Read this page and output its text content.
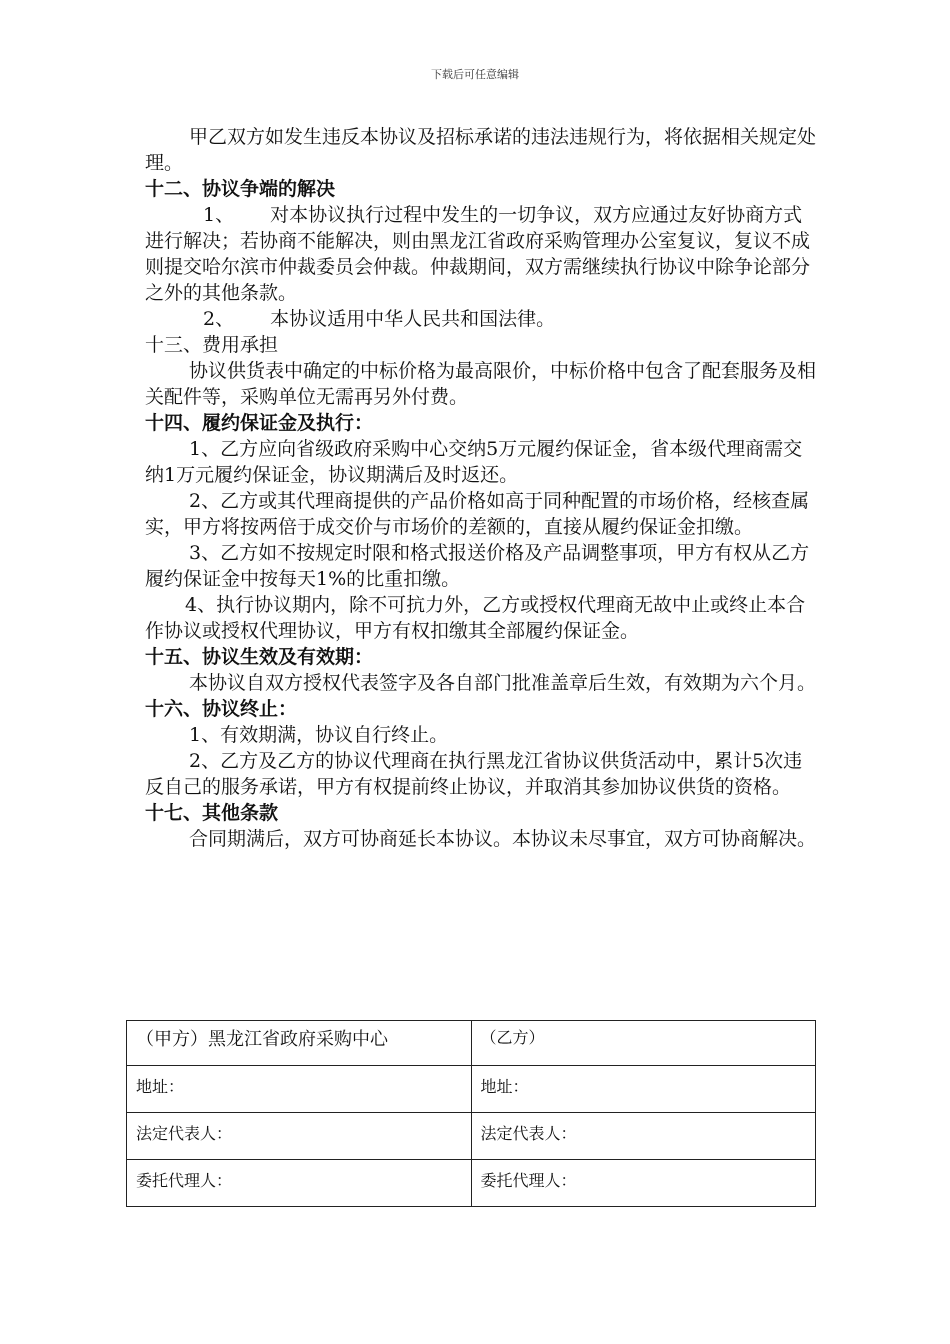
下载后可任意编辑

甲乙双方如发生违反本协议及招标承诺的违法违规行为，将依据相关规定处理。

十二、协议争端的解决

1、 对本协议执行过程中发生的一切争议，双方应通过友好协商方式进行解决；若协商不能解决，则由黑龙江省政府采购管理办公室复议，复议不成则提交哈尔滨市仲裁委员会仲裁。仲裁期间，双方需继续执行协议中除争论部分之外的其他条款。

2、 本协议适用中华人民共和国法律。

十三、费用承担

协议供货表中确定的中标价格为最高限价，中标价格中包含了配套服务及相关配件等，采购单位无需再另外付费。

十四、履约保证金及执行：

1、乙方应向省级政府采购中心交纳5万元履约保证金，省本级代理商需交纳1万元履约保证金，协议期满后及时返还。

2、乙方或其代理商提供的产品价格如高于同种配置的市场价格，经核查属实，甲方将按两倍于成交价与市场价的差额的，直接从履约保证金扣缴。

3、乙方如不按规定时限和格式报送价格及产品调整事项，甲方有权从乙方履约保证金中按每天1%的比重扣缴。

4、执行协议期内，除不可抗力外，乙方或授权代理商无故中止或终止本合作协议或授权代理协议，甲方有权扣缴其全部履约保证金。

十五、协议生效及有效期：

本协议自双方授权代表签字及各自部门批准盖章后生效，有效期为六个月。

十六、协议终止：

1、有效期满，协议自行终止。

2、乙方及乙方的协议代理商在执行黑龙江省协议供货活动中，累计5次违反自己的服务承诺，甲方有权提前终止协议，并取消其参加协议供货的资格。

十七、其他条款

合同期满后，双方可协商延长本协议。本协议未尽事宜，双方可协商解决。

（甲方）黑龙江省政府采购中心	（乙方）
地址：	地址：
法定代表人：	法定代表人：
委托代理人：	委托代理人：
